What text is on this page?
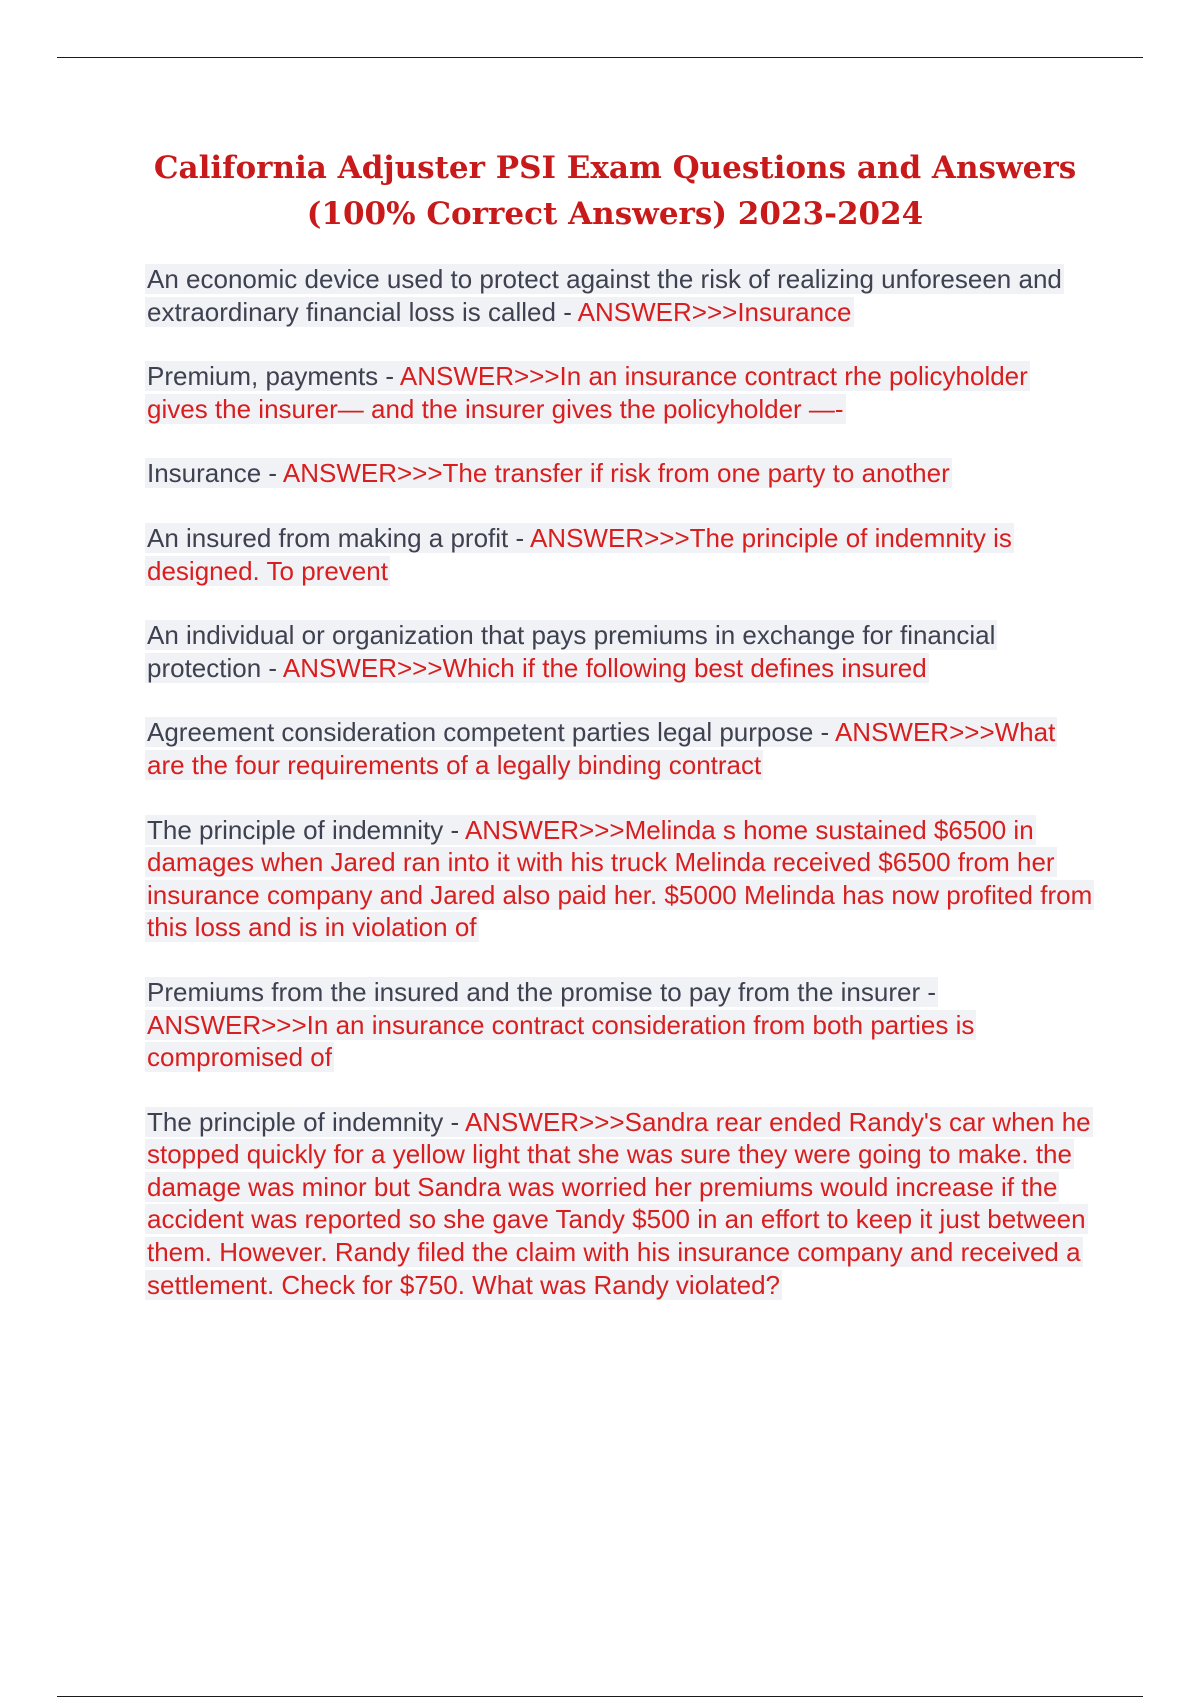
California Adjuster PSI Exam Questions and Answers
(100% Correct Answers) 2023-2024
An economic device used to protect against the risk of realizing unforeseen and extraordinary financial loss is called - ANSWER>>>Insurance
Premium, payments - ANSWER>>>In an insurance contract rhe policyholder gives the insurer— and the insurer gives the policyholder —-
Insurance - ANSWER>>>The transfer if risk from one party to another
An insured from making a profit - ANSWER>>>The principle of indemnity is designed. To prevent
An individual or organization that pays premiums in exchange for financial protection - ANSWER>>>Which if the following best defines insured
Agreement consideration competent parties legal purpose - ANSWER>>>What are the four requirements of a legally binding contract
The principle of indemnity - ANSWER>>>Melinda s home sustained $6500 in damages when Jared ran into it with his truck Melinda received $6500 from her insurance company and Jared also paid her. $5000 Melinda has now profited from this loss and is in violation of
Premiums from the insured and the promise to pay from the insurer - ANSWER>>>In an insurance contract consideration from both parties is compromised of
The principle of indemnity - ANSWER>>>Sandra rear ended Randy's car when he stopped quickly for a yellow light that she was sure they were going to make. the damage was minor but Sandra was worried her premiums would increase if the accident was reported so she gave Tandy $500 in an effort to keep it just between them. However. Randy filed the claim with his insurance company and received a settlement. Check for $750. What was Randy violated?
